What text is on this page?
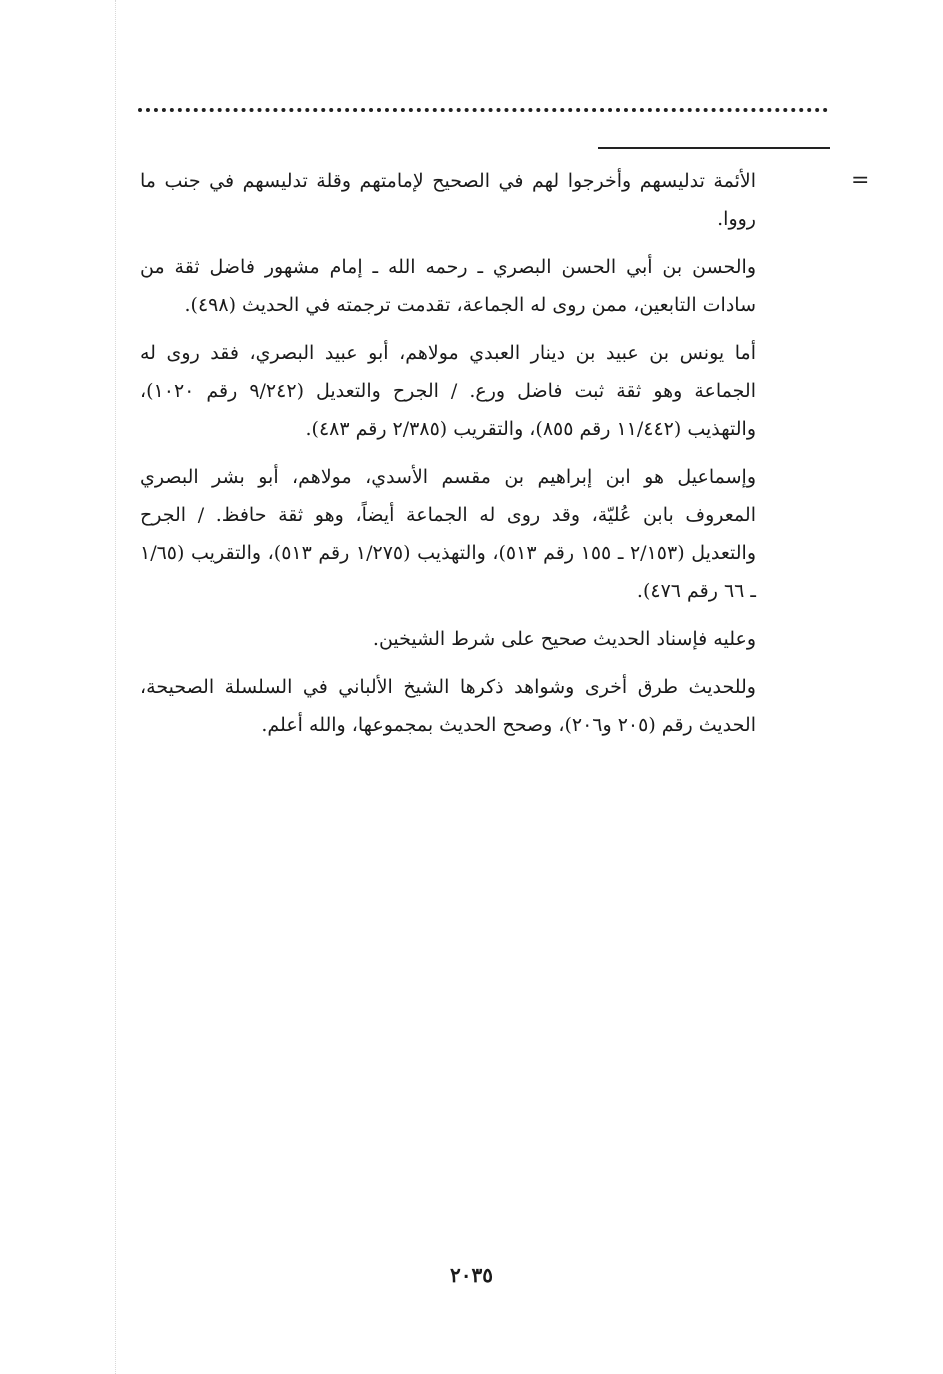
=

الأئمة تدليسهم وأخرجوا لهم في الصحيح لإمامتهم وقلة تدليسهم في جنب ما رووا.

والحسن بن أبي الحسن البصري ـ رحمه الله ـ إمام مشهور فاضل ثقة من سادات التابعين، ممن روى له الجماعة، تقدمت ترجمته في الحديث (٤٩٨).

أما يونس بن عبيد بن دينار العبدي مولاهم، أبو عبيد البصري، فقد روى له الجماعة وهو ثقة ثبت فاضل ورع. / الجرح والتعديل (٩/٢٤٢ رقم ١٠٢٠)، والتهذيب (١١/٤٤٢ رقم ٨٥٥)، والتقريب (٢/٣٨٥ رقم ٤٨٣).

وإسماعيل هو ابن إبراهيم بن مقسم الأسدي، مولاهم، أبو بشر البصري المعروف بابن عُليّة، وقد روى له الجماعة أيضاً، وهو ثقة حافظ. / الجرح والتعديل (٢/١٥٣ ـ ١٥٥ رقم ٥١٣)، والتهذيب (١/٢٧٥ رقم ٥١٣)، والتقريب (١/٦٥ ـ ٦٦ رقم ٤٧٦).

وعليه فإسناد الحديث صحيح على شرط الشيخين.

وللحديث طرق أخرى وشواهد ذكرها الشيخ الألباني في السلسلة الصحيحة، الحديث رقم (٢٠٥ و٢٠٦)، وصحح الحديث بمجموعها، والله أعلم.

٢٠٣٥
